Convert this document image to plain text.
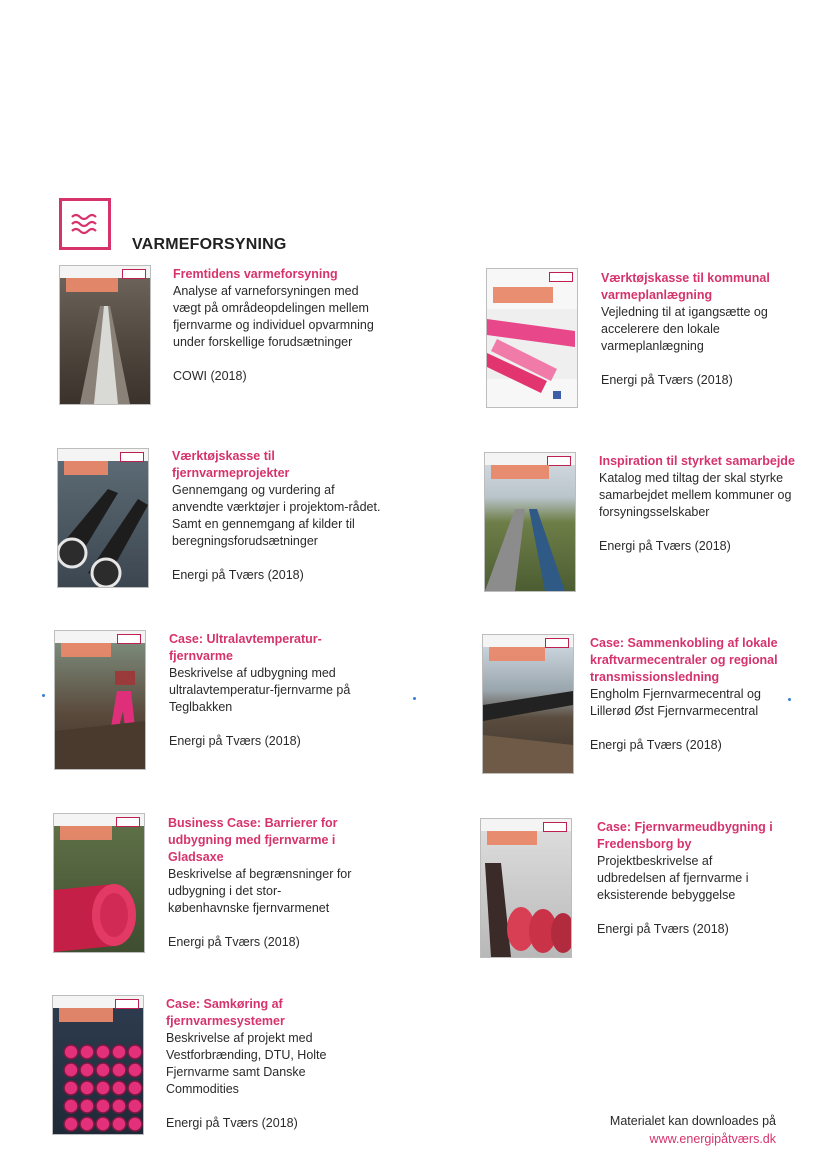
VARMEFORSYNING
Fremtidens varmeforsyning
Analyse af varneforsyningen med vægt på områdeopdelingen mellem fjernvarme og individuel opvarmning under forskellige forudsætninger
COWI (2018)
Værktøjskasse til kommunal varmeplanlægning
Vejledning til at igangsætte og accelerere den lokale varmeplanlægning
Energi på Tværs (2018)
Værktøjskasse til fjernvarmeprojekter
Gennemgang og vurdering af anvendte værktøjer i projektom-rådet. Samt en gennemgang af kilder til beregningsforudsætninger
Energi på Tværs (2018)
Inspiration til styrket samarbejde
Katalog med tiltag der skal styrke samarbejdet mellem kommuner og forsyningsselskaber
Energi på Tværs (2018)
Case: Ultralavtemperatur-fjernvarme
Beskrivelse af udbygning med ultralavtemperatur-fjernvarme på Teglbakken
Energi på Tværs (2018)
Case: Sammenkobling af lokale kraftvarmecentraler og regional transmissionsledning
Engholm Fjernvarmecentral og Lillerød Øst Fjernvarmecentral
Energi på Tværs (2018)
Business Case: Barrierer for udbygning med fjernvarme i Gladsaxe
Beskrivelse af begrænsninger for udbygning i det stor-københavnske fjernvarmenet
Energi på Tværs (2018)
Case: Fjernvarmeudbygning i Fredensborg by
Projektbeskrivelse af udbredelsen af fjernvarme i eksisterende bebyggelse
Energi på Tværs (2018)
Case: Samkøring af fjernvarmesystemer
Beskrivelse af projekt med Vestforbrænding, DTU, Holte Fjernvarme samt Danske Commodities
Energi på Tværs (2018)	Materialet kan downloades på
www.energipåtværs.dk
